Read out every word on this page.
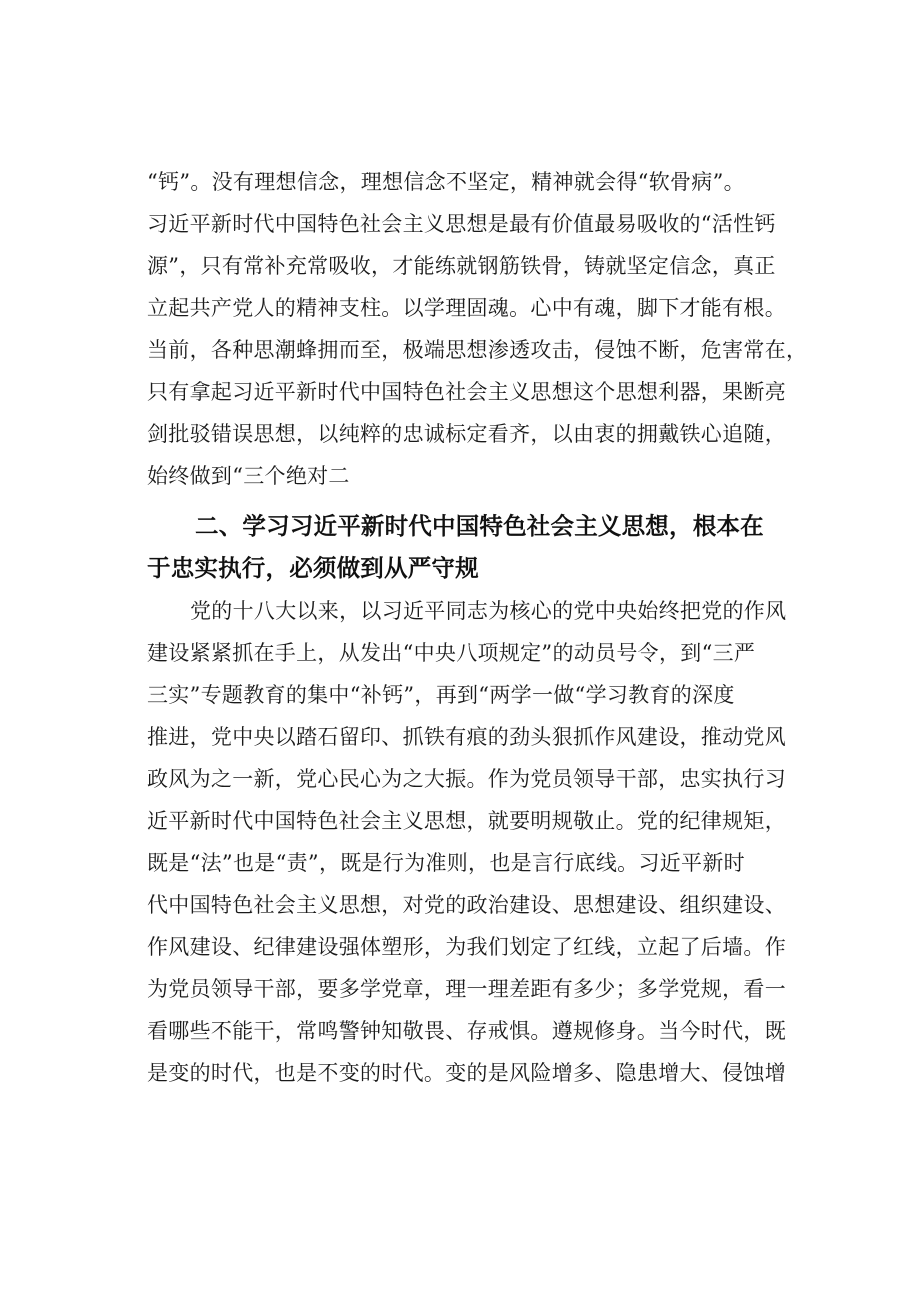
“钙”。没有理想信念，理想信念不坚定，精神就会得“软骨病”。
习近平新时代中国特色社会主义思想是最有价值最易吸收的“活性钙
源”，只有常补充常吸收，才能练就钢筋铁骨，铸就坚定信念，真正
立起共产党人的精神支柱。以学理固魂。心中有魂，脚下才能有根。
当前，各种思潮蜂拥而至，极端思想渗透攻击，侵蚀不断，危害常在，
只有拿起习近平新时代中国特色社会主义思想这个思想利器，果断亮
剑批驳错误思想，以纯粹的忠诚标定看齐，以由衷的拥戴铁心追随，
始终做到“三个绝对二
二、学习习近平新时代中国特色社会主义思想，根本在
于忠实执行，必须做到从严守规
党的十八大以来，以习近平同志为核心的党中央始终把党的作风
建设紧紧抓在手上，从发出“中央八项规定”的动员号令，到“三严
三实”专题教育的集中“补钙”，再到“两学一做“学习教育的深度
推进，党中央以踏石留印、抓铁有痕的劲头狠抓作风建设，推动党风
政风为之一新，党心民心为之大振。作为党员领导干部，忠实执行习
近平新时代中国特色社会主义思想，就要明规敬止。党的纪律规矩，
既是“法”也是“责”，既是行为准则，也是言行底线。习近平新时
代中国特色社会主义思想，对党的政治建设、思想建设、组织建设、
作风建设、纪律建设强体塑形，为我们划定了红线，立起了后墙。作
为党员领导干部，要多学党章，理一理差距有多少；多学党规，看一
看哪些不能干，常鸣警钟知敬畏、存戒惧。遵规修身。当今时代，既
是变的时代，也是不变的时代。变的是风险增多、隐患增大、侵蚀增
